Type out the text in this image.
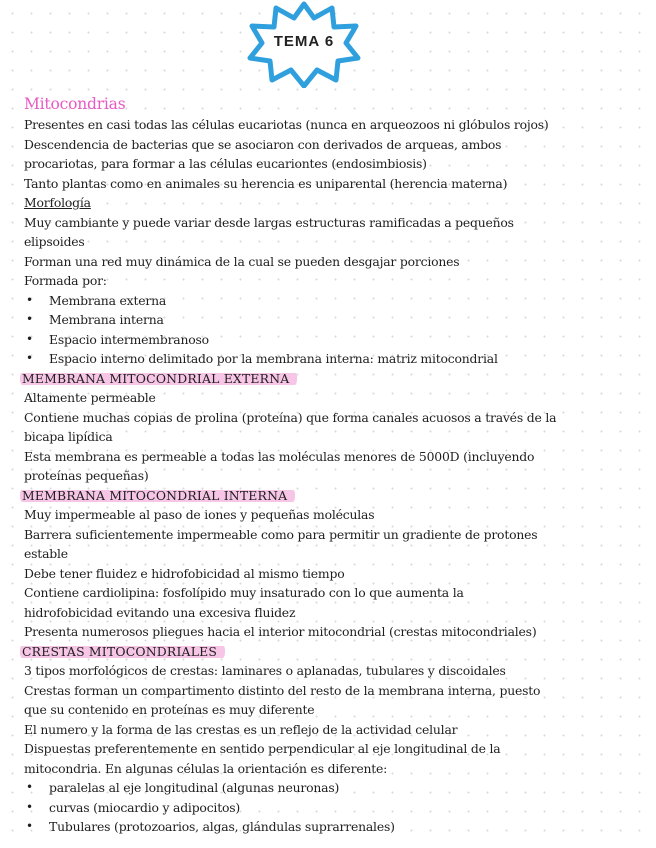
TEMA 6
Mitocondrias
Presentes en casi todas las células eucariotas (nunca en arqueozoos ni glóbulos rojos)
Descendencia de bacterias que se asociaron con derivados de arqueas, ambos
procariotas, para formar a las células eucariontes (endosimbiosis)
Tanto plantas como en animales su herencia es uniparental (herencia materna)
Morfología
Muy cambiante y puede variar desde largas estructuras ramificadas a pequeños
elipsoides
Forman una red muy dinámica de la cual se pueden desgajar porciones
Formada por:
• Membrana externa
• Membrana interna
• Espacio intermembranoso
• Espacio interno delimitado por la membrana interna: matriz mitocondrial
MEMBRANA MITOCONDRIAL EXTERNA
Altamente permeable
Contiene muchas copias de prolina (proteína) que forma canales acuosos a través de la
bicapa lipídica
Esta membrana es permeable a todas las moléculas menores de 5000D (incluyendo
proteínas pequeñas)
MEMBRANA MITOCONDRIAL INTERNA
Muy impermeable al paso de iones y pequeñas moléculas
Barrera suficientemente impermeable como para permitir un gradiente de protones
estable
Debe tener fluidez e hidrofobicidad al mismo tiempo
Contiene cardiolipina: fosfolípido muy insaturado con lo que aumenta la
hidrofobicidad evitando una excesiva fluidez
Presenta numerosos pliegues hacia el interior mitocondrial (crestas mitocondriales)
CRESTAS MITOCONDRIALES
3 tipos morfológicos de crestas: laminares o aplanadas, tubulares y discoidales
Crestas forman un compartimento distinto del resto de la membrana interna, puesto
que su contenido en proteínas es muy diferente
El numero y la forma de las crestas es un reflejo de la actividad celular
Dispuestas preferentemente en sentido perpendicular al eje longitudinal de la
mitocondria. En algunas células la orientación es diferente:
• paralelas al eje longitudinal (algunas neuronas)
• curvas (miocardio y adipocitos)
• Tubulares (protozoarios, algas, glándulas suprarrenales)
